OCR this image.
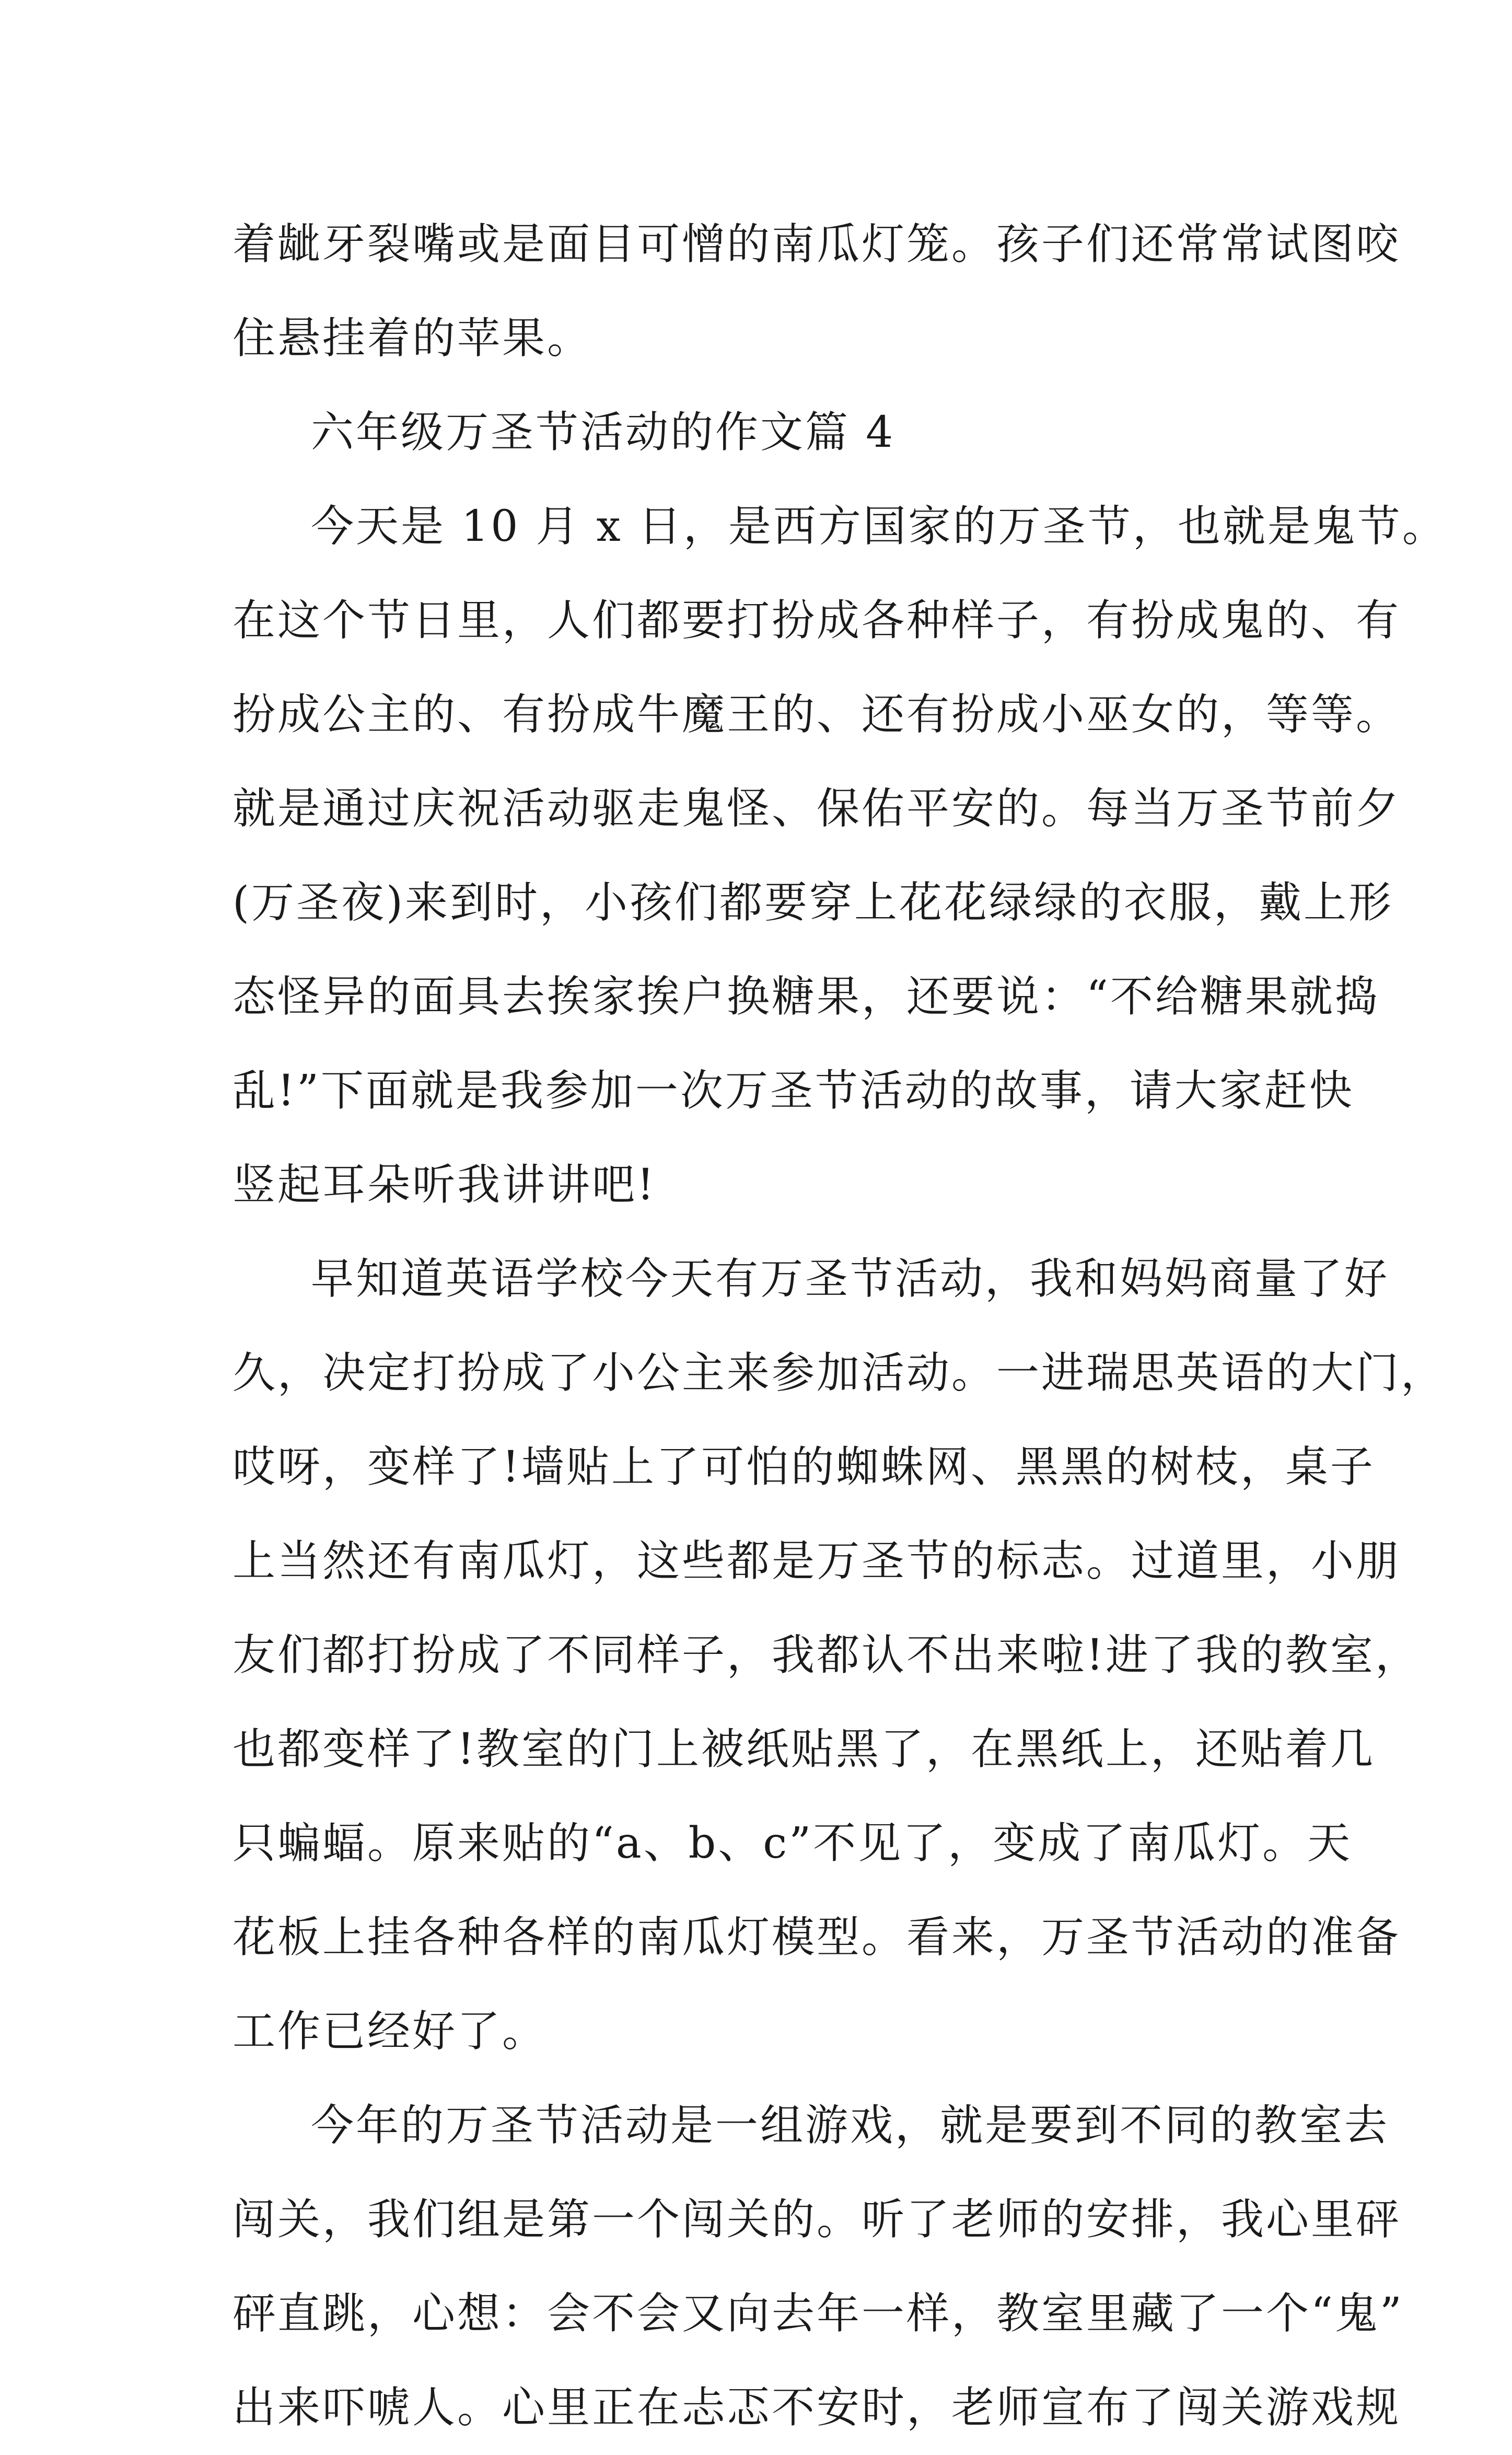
着龇牙裂嘴或是面目可憎的南瓜灯笼。孩子们还常常试图咬
住悬挂着的苹果。
六年级万圣节活动的作文篇 4
今天是 10 月 x 日，是西方国家的万圣节，也就是鬼节。
在这个节日里，人们都要打扮成各种样子，有扮成鬼的、有
扮成公主的、有扮成牛魔王的、还有扮成小巫女的，等等。
就是通过庆祝活动驱走鬼怪、保佑平安的。每当万圣节前夕
(万圣夜)来到时，小孩们都要穿上花花绿绿的衣服，戴上形
态怪异的面具去挨家挨户换糖果，还要说：“不给糖果就捣
乱!”下面就是我参加一次万圣节活动的故事，请大家赶快
竖起耳朵听我讲讲吧!
早知道英语学校今天有万圣节活动，我和妈妈商量了好
久，决定打扮成了小公主来参加活动。一进瑞思英语的大门，
哎呀，变样了!墙贴上了可怕的蜘蛛网、黑黑的树枝，桌子
上当然还有南瓜灯，这些都是万圣节的标志。过道里，小朋
友们都打扮成了不同样子，我都认不出来啦!进了我的教室，
也都变样了!教室的门上被纸贴黑了，在黑纸上，还贴着几
只蝙蝠。原来贴的“a、b、c”不见了，变成了南瓜灯。天
花板上挂各种各样的南瓜灯模型。看来，万圣节活动的准备
工作已经好了。
今年的万圣节活动是一组游戏，就是要到不同的教室去
闯关，我们组是第一个闯关的。听了老师的安排，我心里砰
砰直跳，心想：会不会又向去年一样，教室里藏了一个“鬼”
出来吓唬人。心里正在忐忑不安时，老师宣布了闯关游戏规
